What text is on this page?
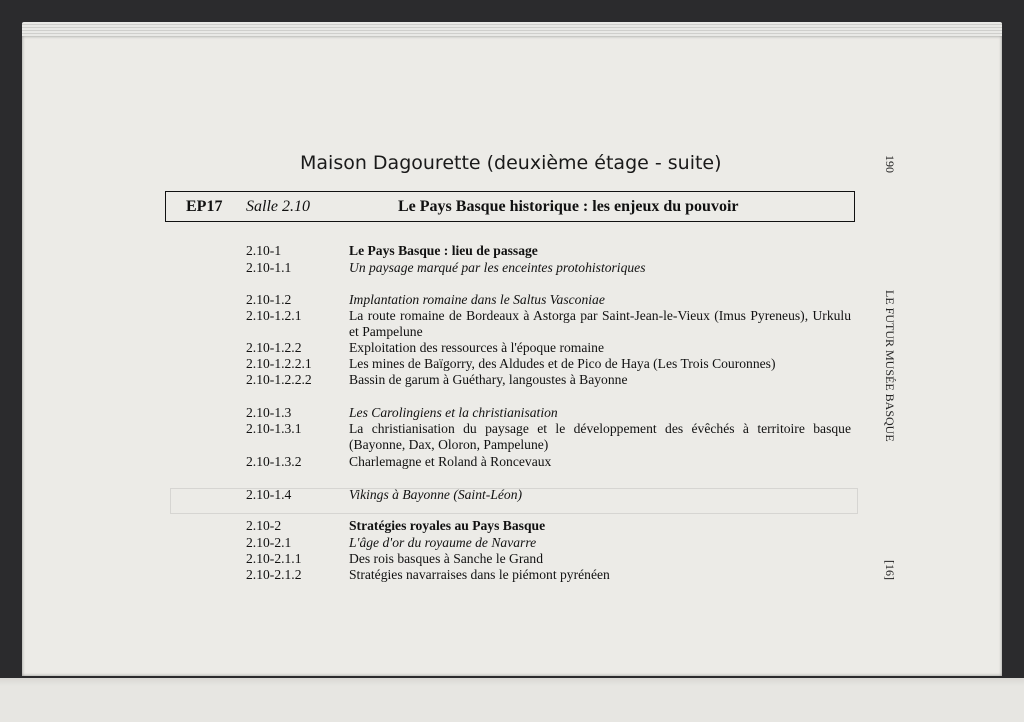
Maison Dagourette (deuxième étage - suite)
EP17 Salle 2.10	Le Pays Basque historique : les enjeux du pouvoir
2.10-1	Le Pays Basque : lieu de passage
2.10-1.1	Un paysage marqué par les enceintes protohistoriques
2.10-1.2	Implantation romaine dans le Saltus Vasconiae
2.10-1.2.1	La route romaine de Bordeaux à Astorga par Saint-Jean-le-Vieux (Imus Pyreneus), Urkulu et Pampelune
2.10-1.2.2	Exploitation des ressources à l'époque romaine
2.10-1.2.2.1	Les mines de Baïgorry, des Aldudes et de Pico de Haya (Les Trois Couronnes)
2.10-1.2.2.2	Bassin de garum à Guéthary, langoustes à Bayonne
2.10-1.3	Les Carolingiens et la christianisation
2.10-1.3.1	La christianisation du paysage et le développement des évêchés à territoire basque (Bayonne, Dax, Oloron, Pampelune)
2.10-1.3.2	Charlemagne et Roland à Roncevaux
2.10-1.4	Vikings à Bayonne (Saint-Léon)
2.10-2	Stratégies royales au Pays Basque
2.10-2.1	L'âge d'or du royaume de Navarre
2.10-2.1.1	Des rois basques à Sanche le Grand
2.10-2.1.2	Stratégies navarraises dans le piémont pyrénéen
190
LE FUTUR MUSÉE BASQUE
[16]
